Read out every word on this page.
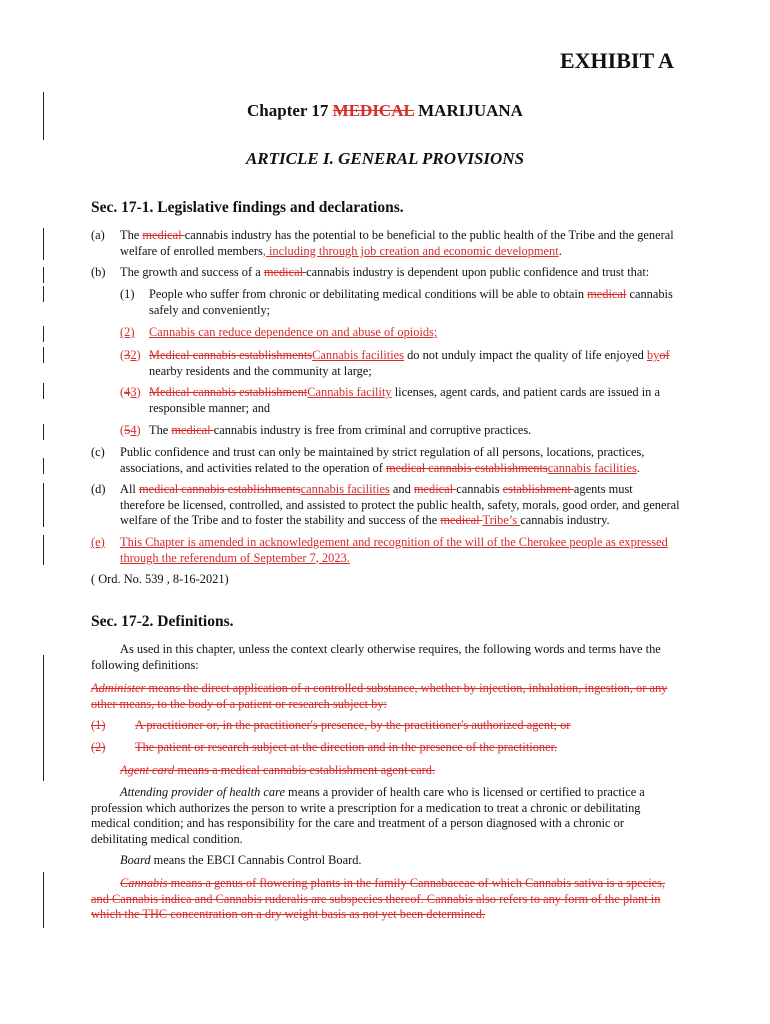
EXHIBIT A
Chapter 17 MEDICAL MARIJUANA
ARTICLE I. GENERAL PROVISIONS
Sec. 17-1. Legislative findings and declarations.
(a) The medical cannabis industry has the potential to be beneficial to the public health of the Tribe and the general welfare of enrolled members, including through job creation and economic development.
(b) The growth and success of a medical cannabis industry is dependent upon public confidence and trust that:
(1) People who suffer from chronic or debilitating medical conditions will be able to obtain medical cannabis safely and conveniently;
(2) Cannabis can reduce dependence on and abuse of opioids;
(32) Medical cannabis establishmentsCannabis facilities do not unduly impact the quality of life enjoyed byof nearby residents and the community at large;
(43) Medical cannabis establishmentCannabis facility licenses, agent cards, and patient cards are issued in a responsible manner; and
(54) The medical cannabis industry is free from criminal and corruptive practices.
(c) Public confidence and trust can only be maintained by strict regulation of all persons, locations, practices, associations, and activities related to the operation of medical cannabis establishmentscannabis facilities.
(d) All medical cannabis establishmentscannabis facilities and medical cannabis establishment agents must therefore be licensed, controlled, and assisted to protect the public health, safety, morals, good order, and general welfare of the Tribe and to foster the stability and success of the medical Tribe’s cannabis industry.
(e) This Chapter is amended in acknowledgement and recognition of the will of the Cherokee people as expressed through the referendum of September 7, 2023.
( Ord. No. 539 , 8-16-2021)
Sec. 17-2. Definitions.
As used in this chapter, unless the context clearly otherwise requires, the following words and terms have the following definitions:
Administer means the direct application of a controlled substance, whether by injection, inhalation, ingestion, or any other means, to the body of a patient or research subject by:
(1) A practitioner or, in the practitioner's presence, by the practitioner's authorized agent; or
(2) The patient or research subject at the direction and in the presence of the practitioner.
Agent card means a medical cannabis establishment agent card.
Attending provider of health care means a provider of health care who is licensed or certified to practice a profession which authorizes the person to write a prescription for a medication to treat a chronic or debilitating medical condition; and has responsibility for the care and treatment of a person diagnosed with a chronic or debilitating medical condition.
Board means the EBCI Cannabis Control Board.
Cannabis means a genus of flowering plants in the family Cannabaceae of which Cannabis sativa is a species, and Cannabis indica and Cannabis ruderalis are subspecies thereof. Cannabis also refers to any form of the plant in which the THC concentration on a dry weight basis as not yet been determined.
